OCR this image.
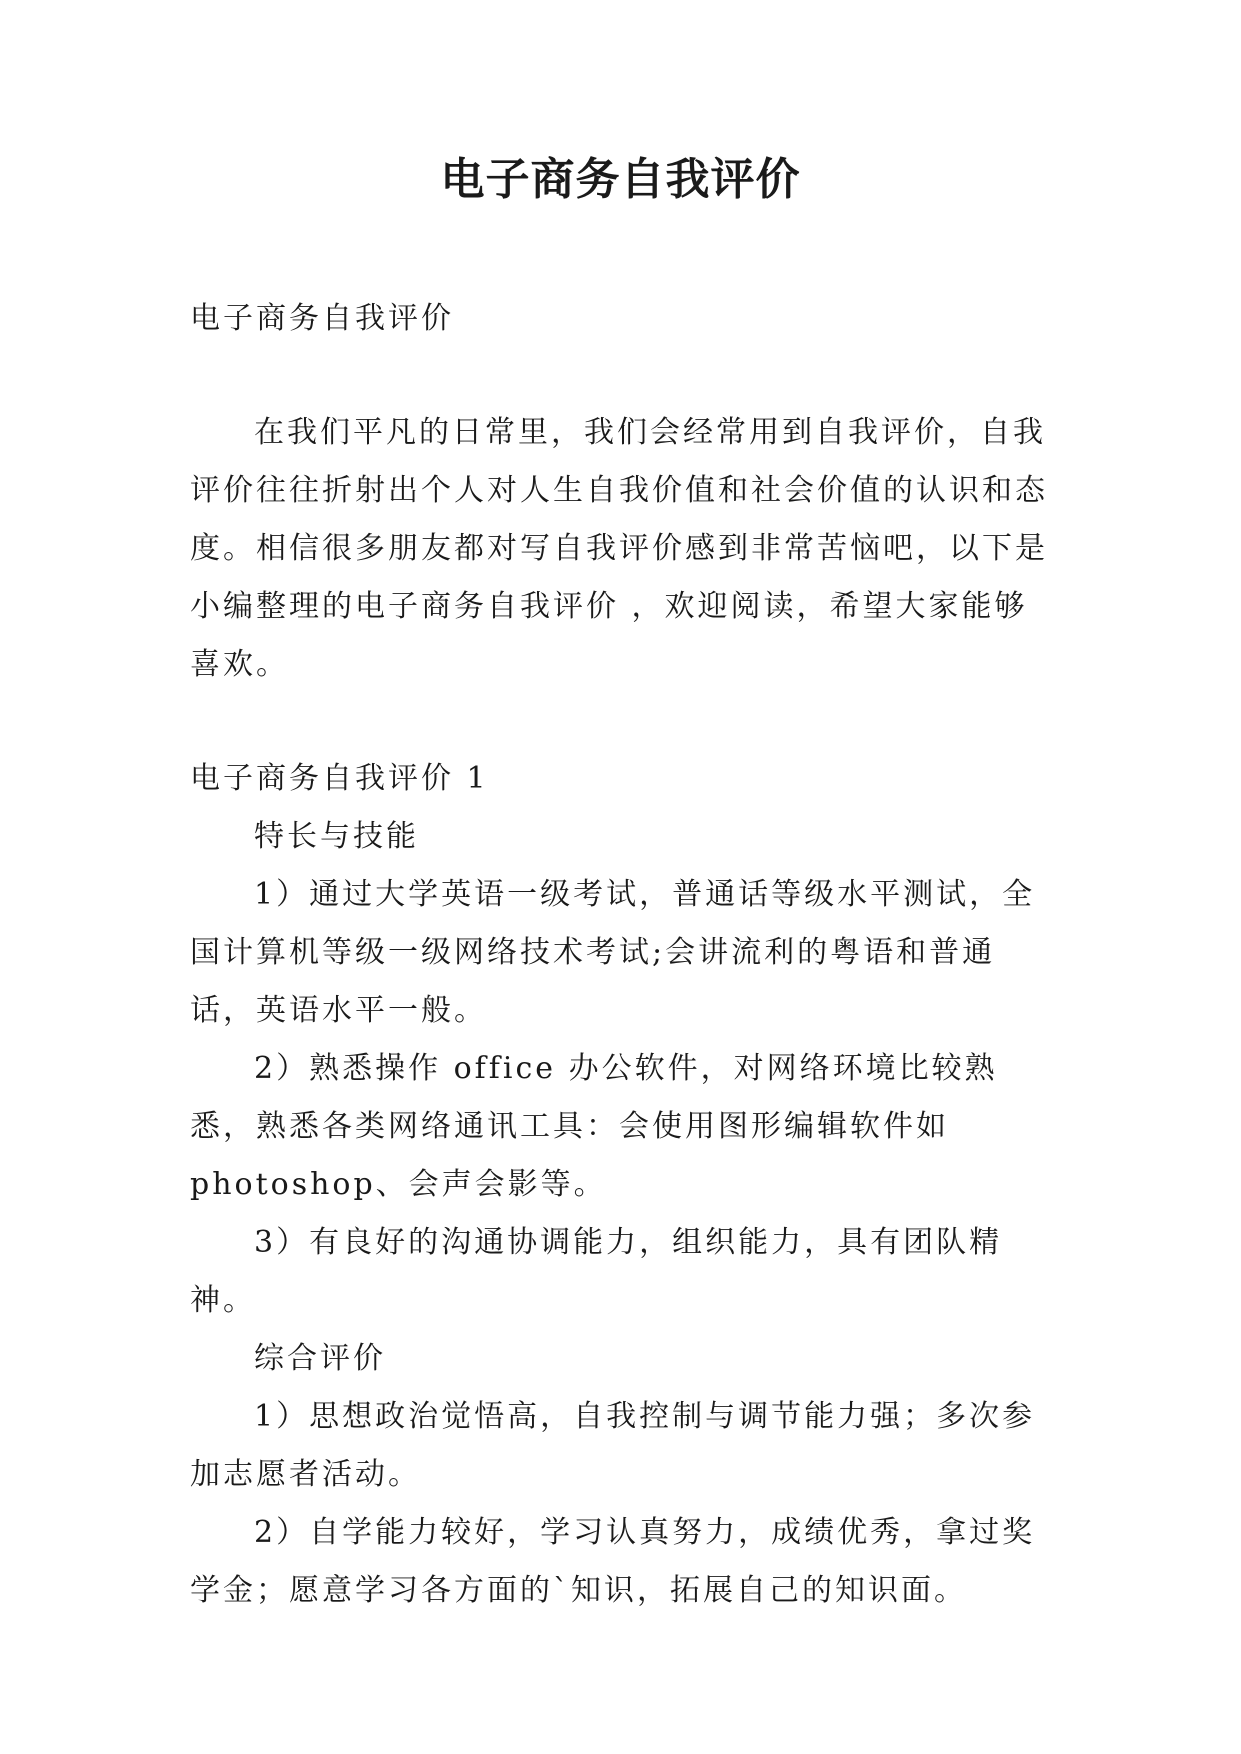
电子商务自我评价

电子商务自我评价

在我们平凡的日常里，我们会经常用到自我评价，自我评价往往折射出个人对人生自我价值和社会价值的认识和态度。相信很多朋友都对写自我评价感到非常苦恼吧，以下是小编整理的电子商务自我评价 ，欢迎阅读，希望大家能够喜欢。

电子商务自我评价 1

特长与技能

1）通过大学英语一级考试，普通话等级水平测试，全国计算机等级一级网络技术考试;会讲流利的粤语和普通话，英语水平一般。

2）熟悉操作 office 办公软件，对网络环境比较熟悉，熟悉各类网络通讯工具：会使用图形编辑软件如 photoshop、会声会影等。

3）有良好的沟通协调能力，组织能力，具有团队精神。

综合评价

1）思想政治觉悟高，自我控制与调节能力强；多次参加志愿者活动。

2）自学能力较好，学习认真努力，成绩优秀，拿过奖学金；愿意学习各方面的`知识，拓展自己的知识面。
